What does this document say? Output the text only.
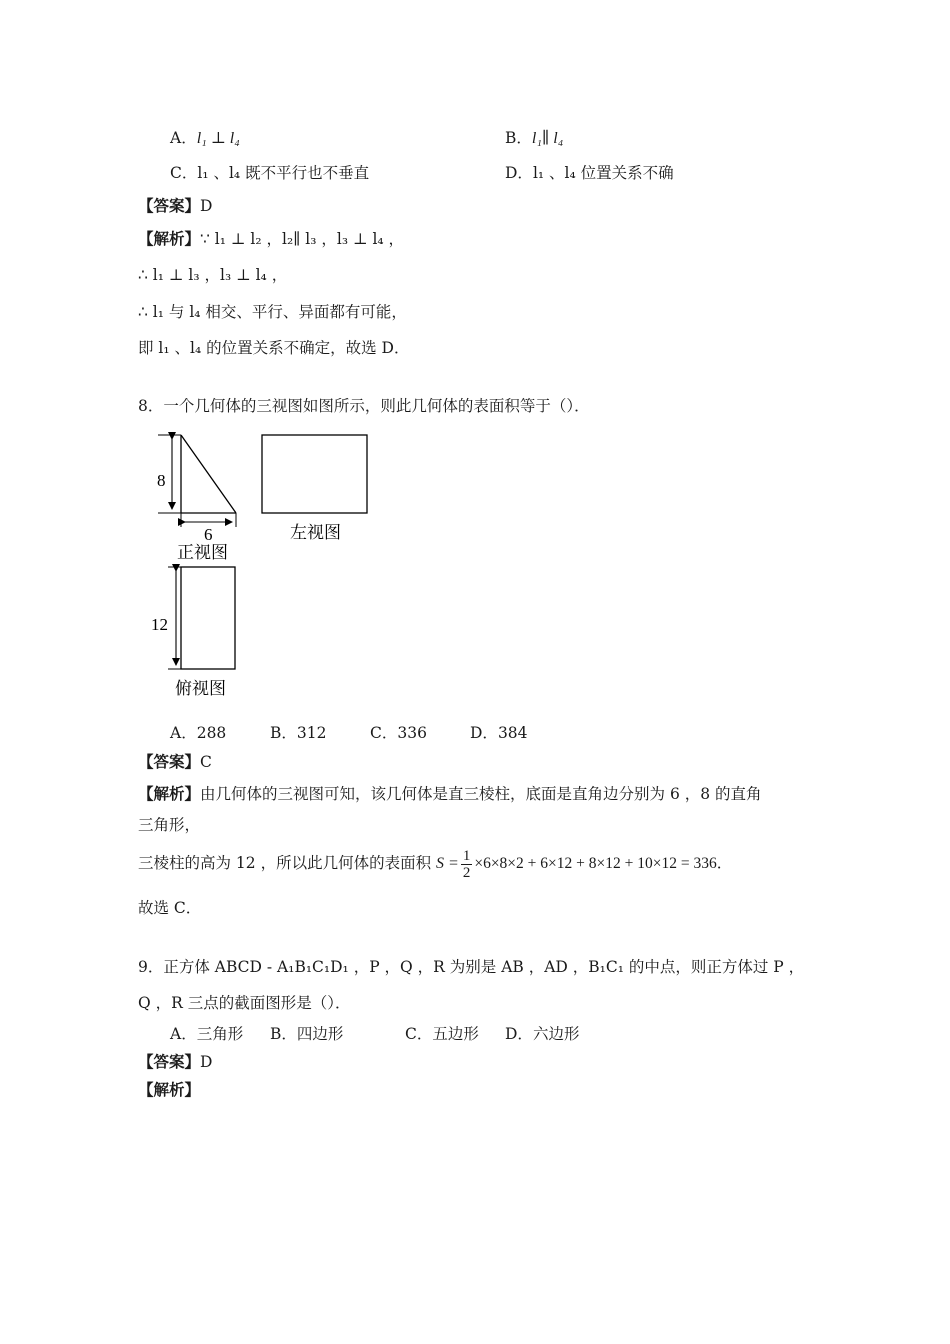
A．l₁ ⊥ l₄	B．l₁∥ l₄
C．l₁ 、l₄ 既不平行也不垂直	D．l₁ 、l₄ 位置关系不确
【答案】D
【解析】∵ l₁ ⊥ l₂ ，l₂∥ l₃ ，l₃ ⊥ l₄ ，
∴ l₁ ⊥ l₃ ，l₃ ⊥ l₄ ，
∴ l₁ 与 l₄ 相交、平行、异面都有可能，
即 l₁ 、l₄ 的位置关系不确定，故选 D．
8．一个几何体的三视图如图所示，则此几何体的表面积等于（）．
8
6
正视图
左视图
12
俯视图
A．288	B．312	C．336	D．384
【答案】C
【解析】由几何体的三视图可知，该几何体是直三棱柱，底面是直角边分别为 6 ，8 的直角
三角形，
三棱柱的高为 12 ，所以此几何体的表面积 $S = \frac{1}{2} \times 6\times 8\times 2 + 6\times 12 + 8\times 12 + 10\times 12 = 336$．
故选 C．
9．正方体 ABCD - A₁B₁C₁D₁ ，P ，Q ，R 为别是 AB ，AD ，B₁C₁ 的中点，则正方体过 P ，
Q ，R 三点的截面图形是（）．
A．三角形 B．四边形	C．五边形 D．六边形
【答案】D
【解析】
